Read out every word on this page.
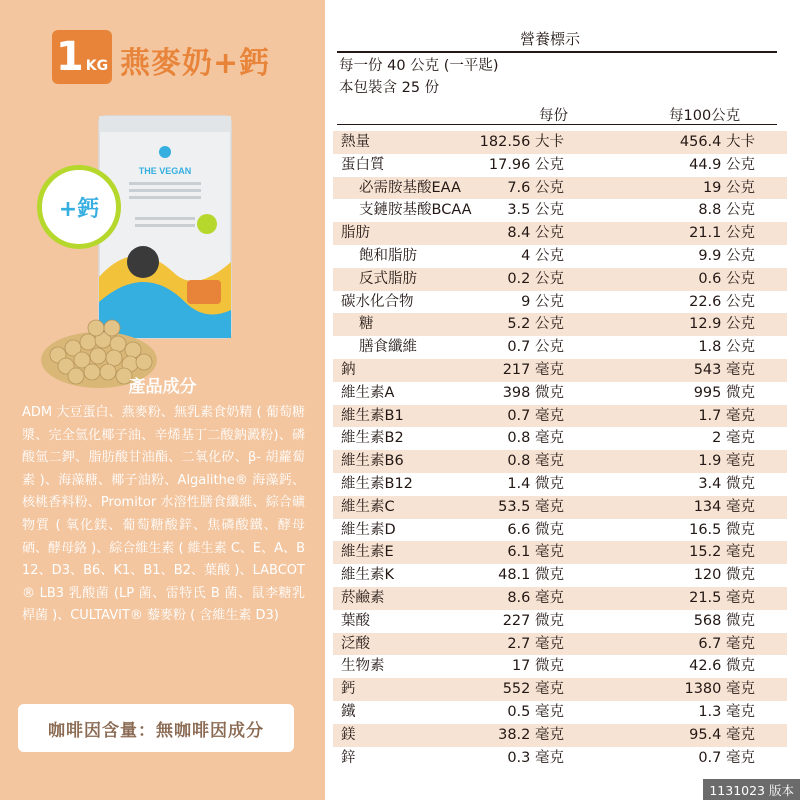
1 KG 燕麥奶+鈣
THE VEGAN
+鈣
產品成分
ADM 大豆蛋白、燕麥粉、無乳素食奶精 ( 葡萄糖漿、完全氫化椰子油、辛烯基丁二酸鈉澱粉)、磷酸氫二鉀、脂肪酸甘油酯、二氧化矽、β- 胡蘿蔔素 )、海藻糖、椰子油粉、Algalithe® 海藻鈣、核桃香料粉、Promitor 水溶性膳食纖維、綜合礦物質 ( 氧化鎂、葡萄糖酸鋅、焦磷酸鐵、酵母硒、酵母鉻 )、綜合維生素 ( 維生素 C、E、A、B12、D3、B6、K1、B1、B2、葉酸 )、LABCOT® LB3 乳酸菌 (LP 菌、雷特氏 B 菌、鼠李糖乳桿菌 )、CULTAVIT® 藜麥粉 ( 含維生素 D3)
咖啡因含量：無咖啡因成分
營養標示
每一份 40 公克 (一平匙)
本包裝含 25 份
每份	每100公克
熱量	182.56 大卡	456.4 大卡
蛋白質	17.96 公克	44.9 公克
必需胺基酸EAA	7.6 公克	19 公克
支鏈胺基酸BCAA 3.5 公克	8.8 公克
脂肪	8.4 公克	21.1 公克
飽和脂肪	4 公克	9.9 公克
反式脂肪	0.2 公克	0.6 公克
碳水化合物	9 公克	22.6 公克
糖	5.2 公克	12.9 公克
膳食纖維	0.7 公克	1.8 公克
鈉	217 毫克	543 毫克
維生素A	398 微克	995 微克
維生素B1	0.7 毫克	1.7 毫克
維生素B2	0.8 毫克	2 毫克
維生素B6	0.8 毫克	1.9 毫克
維生素B12	1.4 微克	3.4 微克
維生素C	53.5 毫克	134 毫克
維生素D	6.6 微克	16.5 微克
維生素E	6.1 毫克	15.2 毫克
維生素K	48.1 微克	120 微克
菸鹼素	8.6 毫克	21.5 毫克
葉酸	227 微克	568 微克
泛酸	2.7 毫克	6.7 毫克
生物素	17 微克	42.6 微克
鈣	552 毫克	1380 毫克
鐵	0.5 毫克	1.3 毫克
鎂	38.2 毫克	95.4 毫克
鋅	0.3 毫克	0.7 毫克
1131023 版本
